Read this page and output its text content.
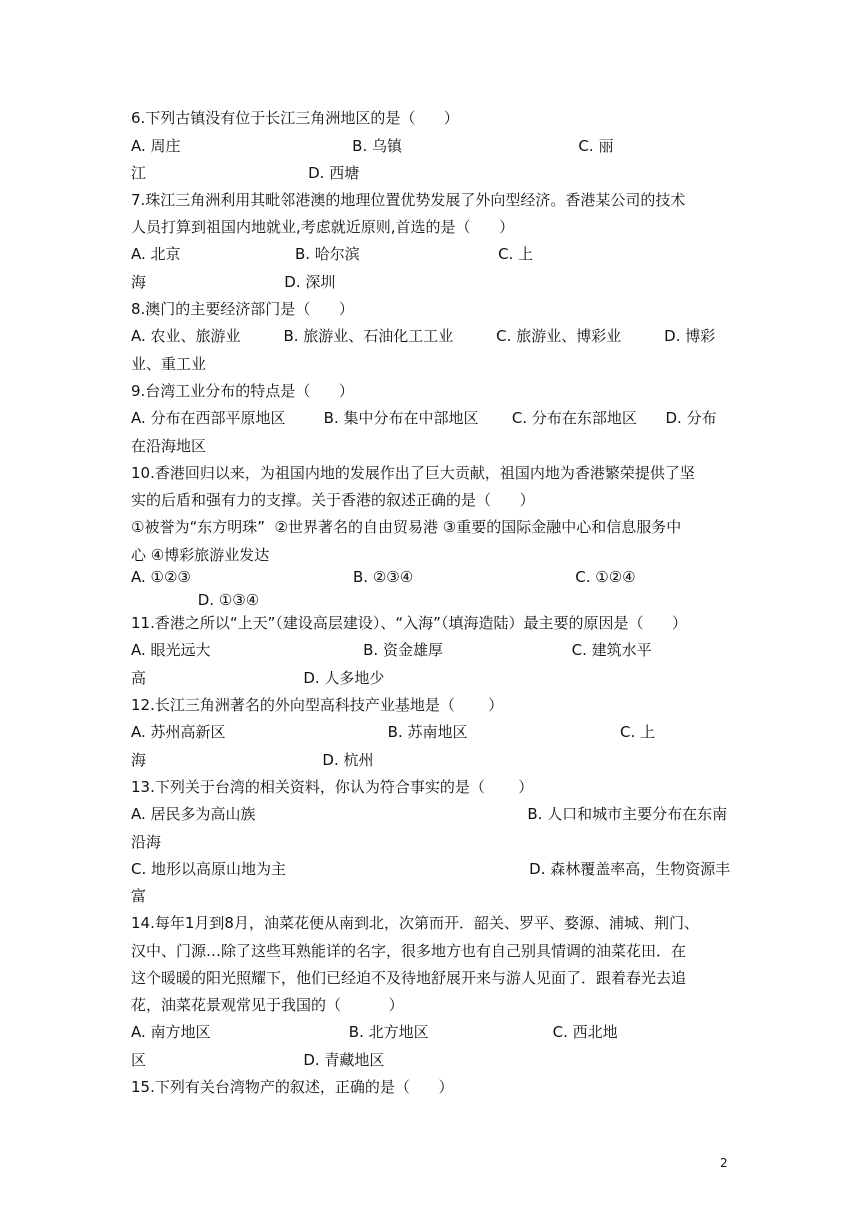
6.下列古镇没有位于长江三角洲地区的是（      ）
A. 周庄                                    B. 乌镇                                     C. 丽
江                                  D. 西塘
7.珠江三角洲利用其毗邻港澳的地理位置优势发展了外向型经济。香港某公司的技术
人员打算到祖国内地就业,考虑就近原则,首选的是（      ）
A. 北京                        B. 哈尔滨                             C. 上
海                             D. 深圳
8.澳门的主要经济部门是（      ）
A. 农业、旅游业         B. 旅游业、石油化工工业         C. 旅游业、博彩业         D. 博彩
业、重工业
9.台湾工业分布的特点是（      ）
A. 分布在西部平原地区        B. 集中分布在中部地区       C. 分布在东部地区      D. 分布
在沿海地区
10.香港回归以来，为祖国内地的发展作出了巨大贡献，祖国内地为香港繁荣提供了坚
实的后盾和强有力的支撑。关于香港的叙述正确的是（      ）
①被誉为“东方明珠”  ②世界著名的自由贸易港 ③重要的国际金融中心和信息服务中
心 ④博彩旅游业发达
A. ①②③                                  B. ②③④                                  C. ①②④
D. ①③④
11.香港之所以“上天”（建设高层建设）、“入海”（填海造陆）最主要的原因是（      ）
A. 眼光远大                                B. 资金雄厚                           C. 建筑水平
高                                 D. 人多地少
12.长江三角洲著名的外向型高科技产业基地是（       ）
A. 苏州高新区                                  B. 苏南地区                                C. 上
海                                     D. 杭州
13.下列关于台湾的相关资料，你认为符合事实的是（       ）
A. 居民多为高山族                                                         B. 人口和城市主要分布在东南
沿海
C. 地形以高原山地为主                                                   D. 森林覆盖率高，生物资源丰
富
14.每年1月到8月，油菜花便从南到北，次第而开．韶关、罗平、婺源、浦城、荆门、
汉中、门源…除了这些耳熟能详的名字，很多地方也有自己别具情调的油菜花田．在
这个暖暖的阳光照耀下，他们已经迫不及待地舒展开来与游人见面了．跟着春光去追
花，油菜花景观常见于我国的（          ）
A. 南方地区                             B. 北方地区                          C. 西北地
区                                 D. 青藏地区
15.下列有关台湾物产的叙述，正确的是（      ）
2
